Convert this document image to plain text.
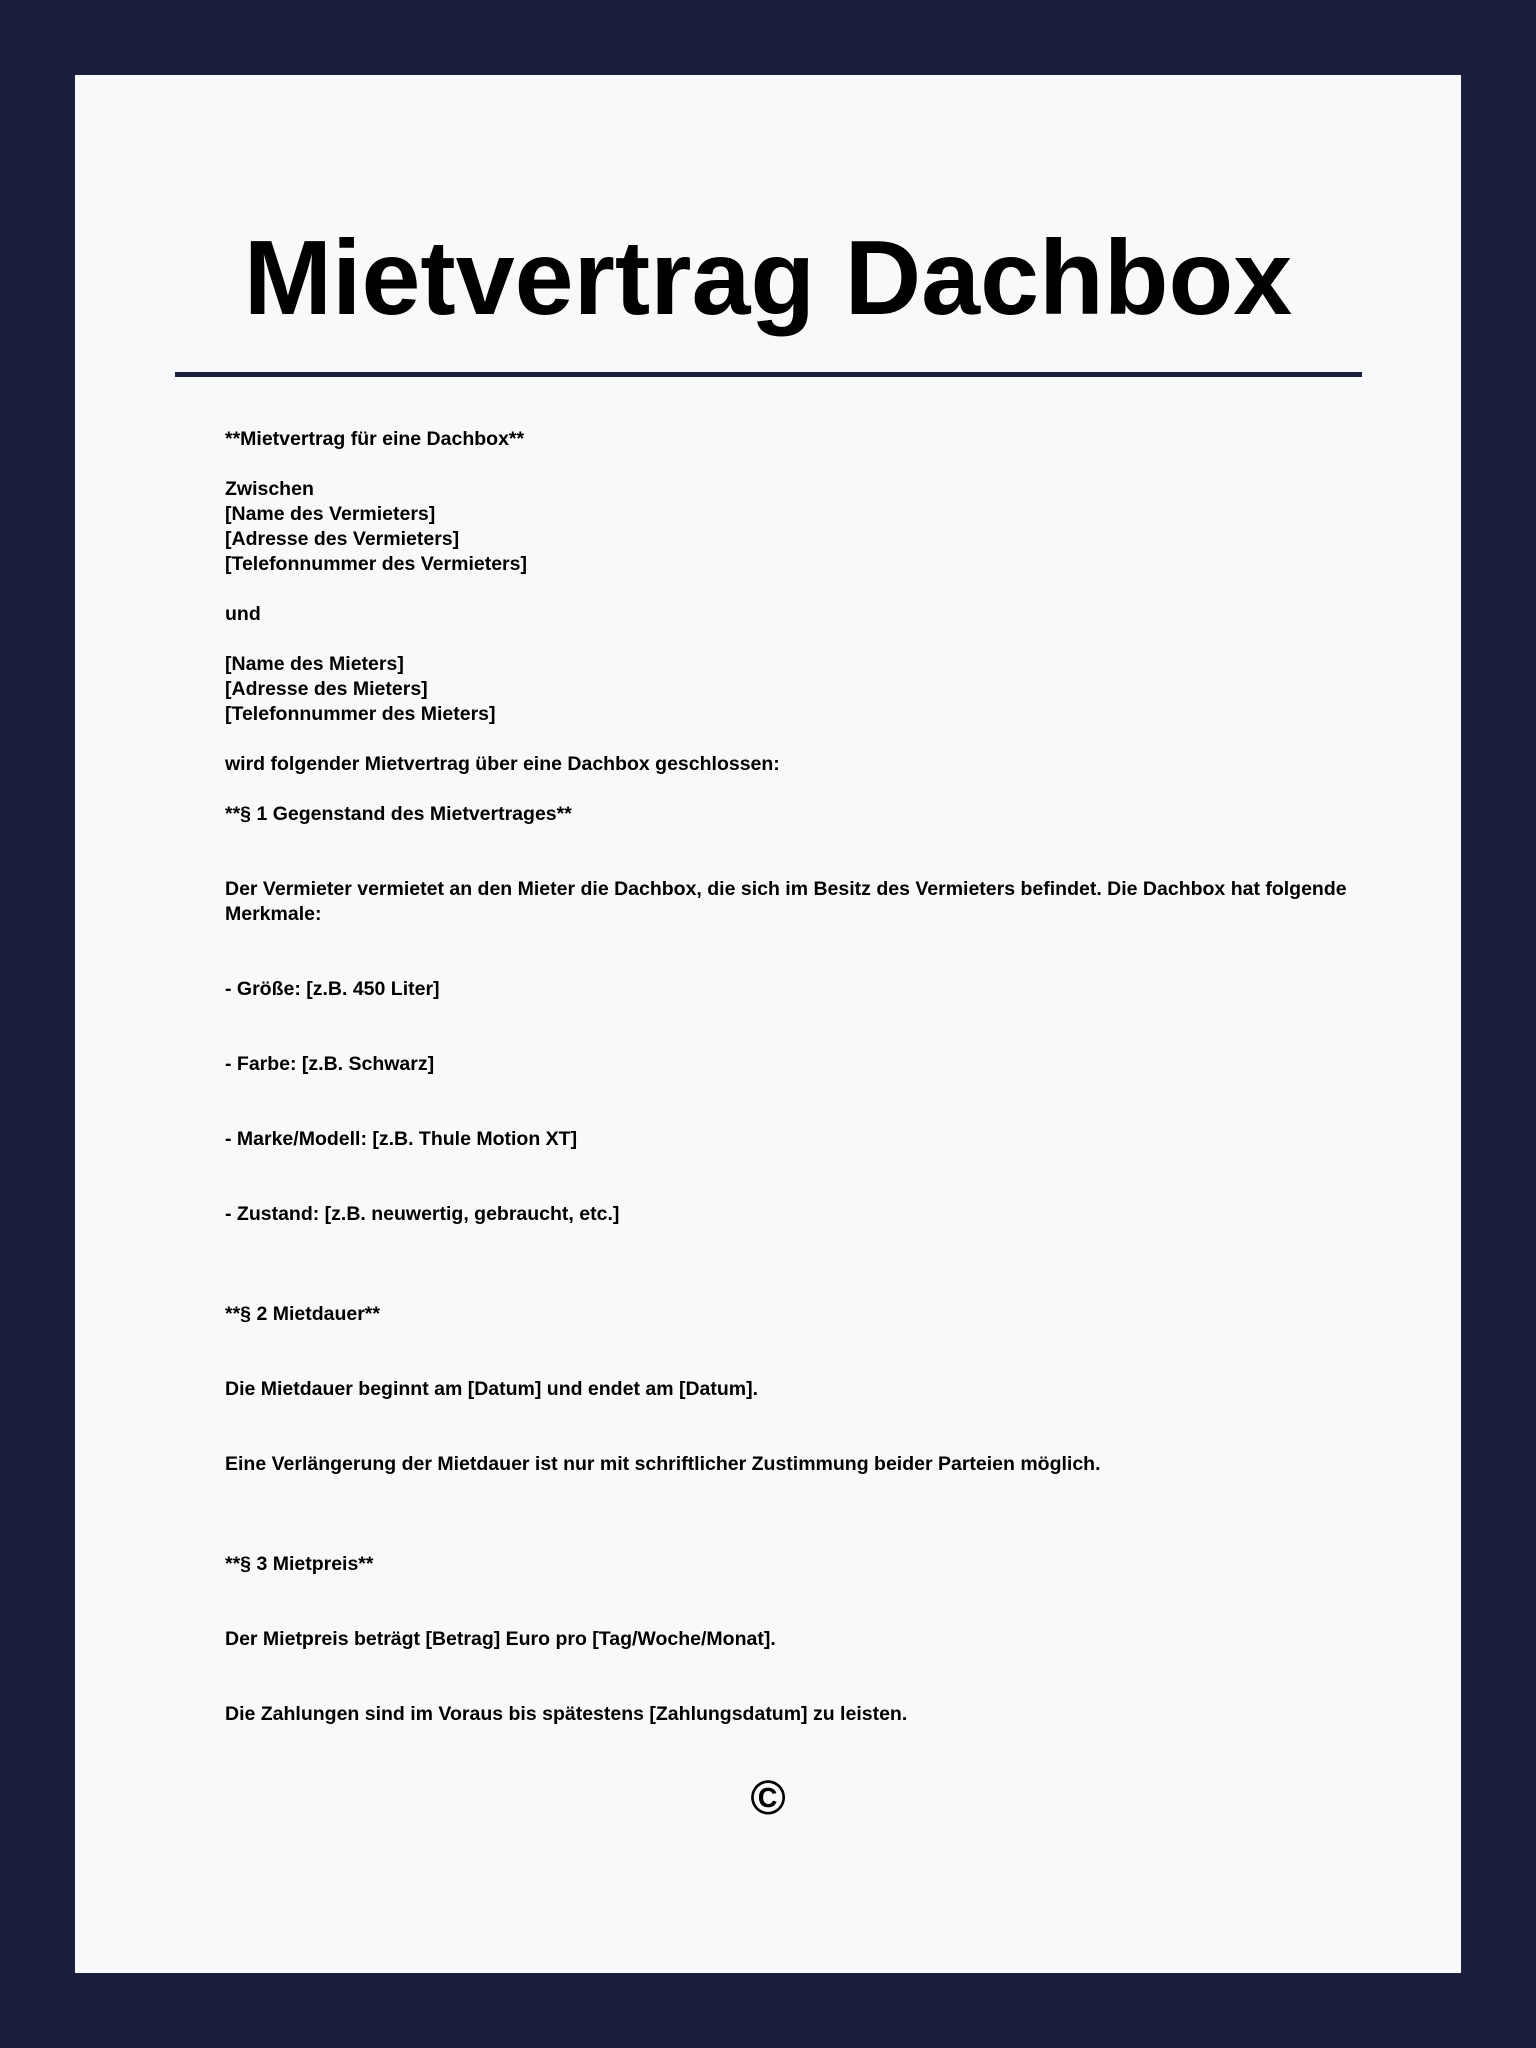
Mietvertrag Dachbox
**Mietvertrag für eine Dachbox**
Zwischen
[Name des Vermieters]
[Adresse des Vermieters]
[Telefonnummer des Vermieters]
und
[Name des Mieters]
[Adresse des Mieters]
[Telefonnummer des Mieters]
wird folgender Mietvertrag über eine Dachbox geschlossen:
**§ 1 Gegenstand des Mietvertrages**
Der Vermieter vermietet an den Mieter die Dachbox, die sich im Besitz des Vermieters befindet. Die Dachbox hat folgende Merkmale:
- Größe: [z.B. 450 Liter]
- Farbe: [z.B. Schwarz]
- Marke/Modell: [z.B. Thule Motion XT]
- Zustand: [z.B. neuwertig, gebraucht, etc.]
**§ 2 Mietdauer**
Die Mietdauer beginnt am [Datum] und endet am [Datum].
Eine Verlängerung der Mietdauer ist nur mit schriftlicher Zustimmung beider Parteien möglich.
**§ 3 Mietpreis**
Der Mietpreis beträgt [Betrag] Euro pro [Tag/Woche/Monat].
Die Zahlungen sind im Voraus bis spätestens [Zahlungsdatum] zu leisten.
©
